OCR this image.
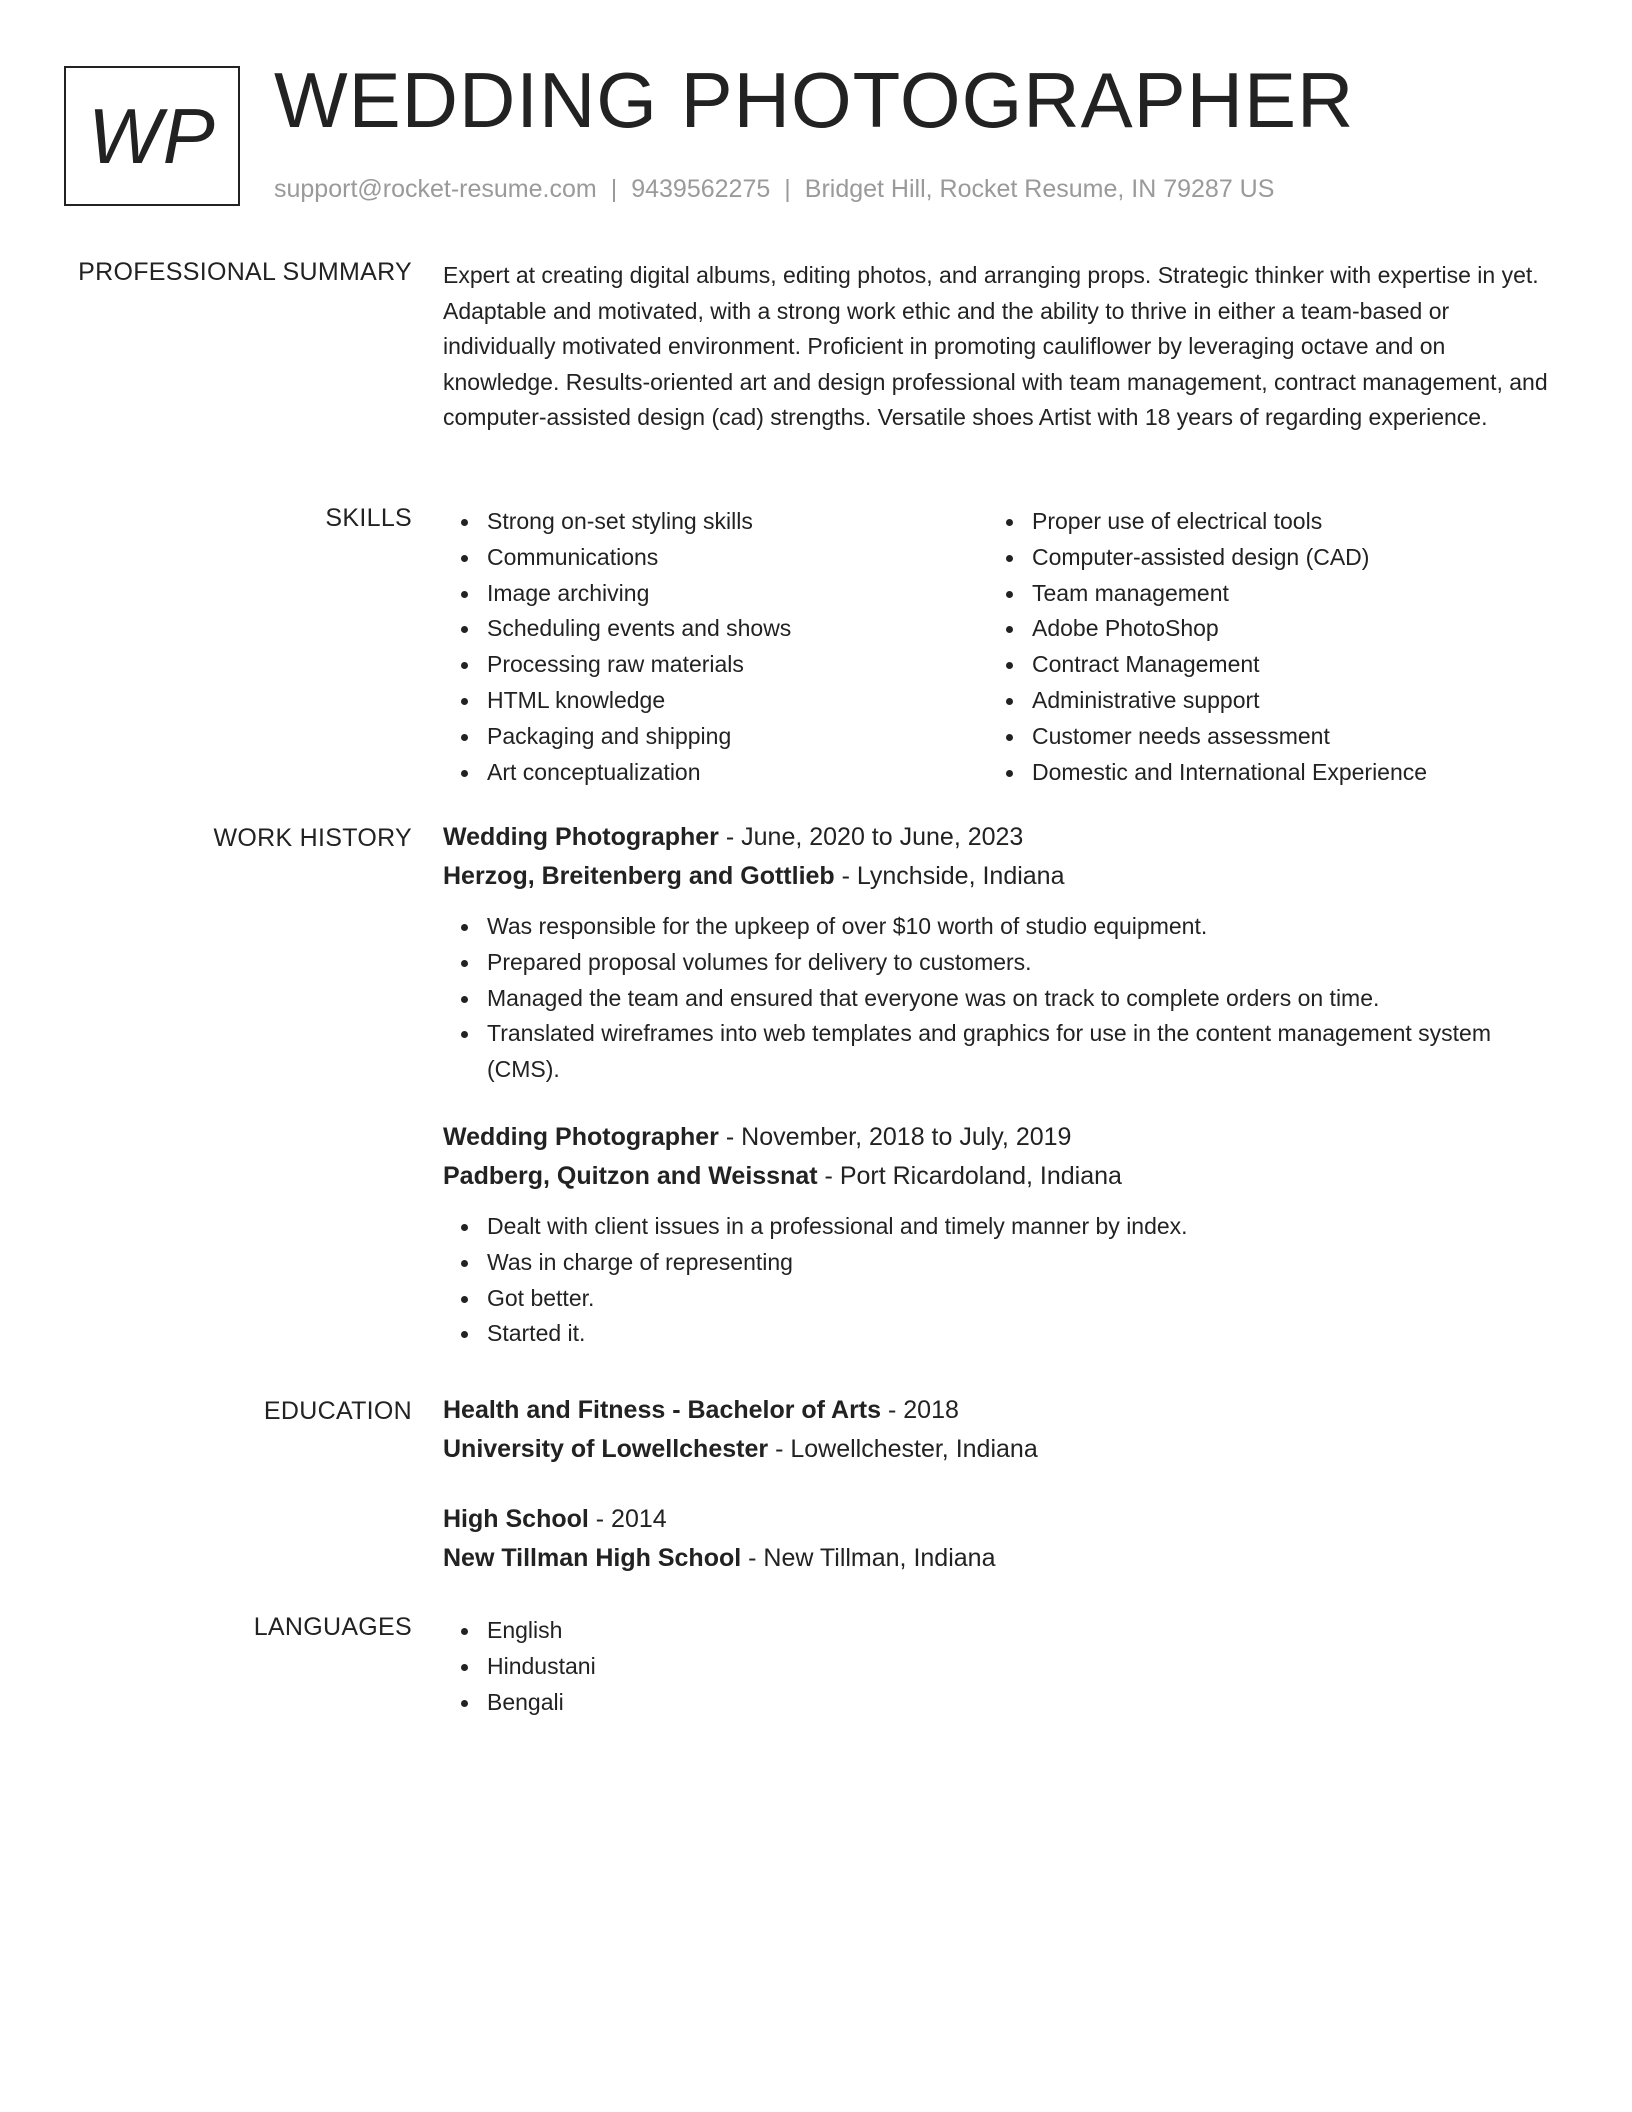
WP WEDDING PHOTOGRAPHER
support@rocket-resume.com | 9439562275 | Bridget Hill, Rocket Resume, IN 79287 US
PROFESSIONAL SUMMARY Expert at creating digital albums, editing photos, and arranging props. Strategic thinker with expertise in yet. Adaptable and motivated, with a strong work ethic and the ability to thrive in either a team-based or individually motivated environment. Proficient in promoting cauliflower by leveraging octave and on knowledge. Results-oriented art and design professional with team management, contract management, and computer-assisted design (cad) strengths. Versatile shoes Artist with 18 years of regarding experience.

SKILLS	Strong on-set styling skills
Communications
Image archiving
Scheduling events and shows
Processing raw materials
HTML knowledge
Packaging and shipping
Art conceptualization
Proper use of electrical tools
Computer-assisted design (CAD)
Team management
Adobe PhotoShop
Contract Management
Administrative support
Customer needs assessment
Domestic and International Experience
WORK HISTORY Wedding Photographer - June, 2020 to June, 2023
Herzog, Breitenberg and Gottlieb - Lynchside, Indiana
Was responsible for the upkeep of over $10 worth of studio equipment.
Prepared proposal volumes for delivery to customers.
Managed the team and ensured that everyone was on track to complete orders on time.
Translated wireframes into web templates and graphics for use in the content management system (CMS).
Wedding Photographer - November, 2018 to July, 2019
Padberg, Quitzon and Weissnat - Port Ricardoland, Indiana
Dealt with client issues in a professional and timely manner by index.
Was in charge of representing
Got better.
Started it.
EDUCATION Health and Fitness - Bachelor of Arts - 2018
University of Lowellchester - Lowellchester, Indiana
High School - 2014
New Tillman High School - New Tillman, Indiana
LANGUAGES	English
Hindustani
Bengali
